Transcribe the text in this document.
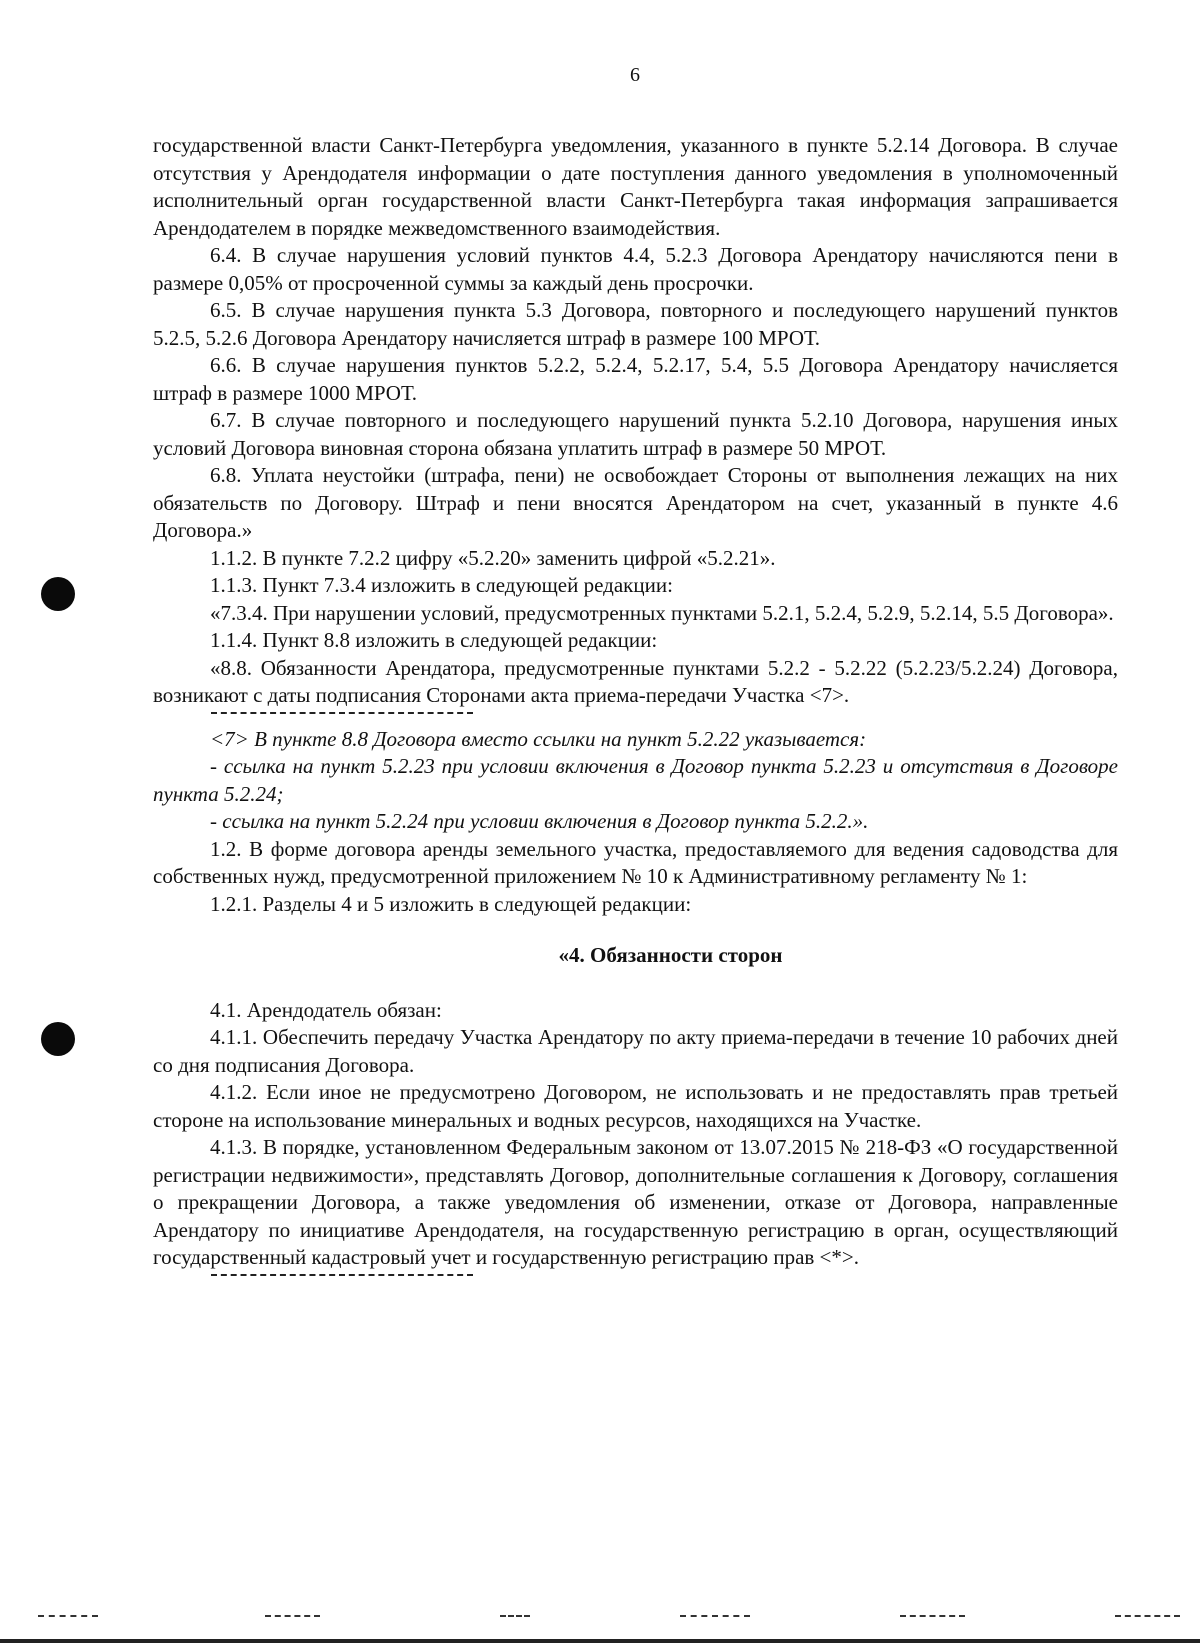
6

государственной власти Санкт-Петербурга уведомления, указанного в пункте 5.2.14 Договора. В случае отсутствия у Арендодателя информации о дате поступления данного уведомления в уполномоченный исполнительный орган государственной власти Санкт-Петербурга такая информация запрашивается Арендодателем в порядке межведомственного взаимодействия.

6.4. В случае нарушения условий пунктов 4.4, 5.2.3 Договора Арендатору начисляются пени в размере 0,05% от просроченной суммы за каждый день просрочки.

6.5. В случае нарушения пункта 5.3 Договора, повторного и последующего нарушений пунктов 5.2.5, 5.2.6 Договора Арендатору начисляется штраф в размере 100 МРОТ.

6.6. В случае нарушения пунктов 5.2.2, 5.2.4, 5.2.17, 5.4, 5.5 Договора Арендатору начисляется штраф в размере 1000 МРОТ.

6.7. В случае повторного и последующего нарушений пункта 5.2.10 Договора, нарушения иных условий Договора виновная сторона обязана уплатить штраф в размере 50 МРОТ.

6.8. Уплата неустойки (штрафа, пени) не освобождает Стороны от выполнения лежащих на них обязательств по Договору. Штраф и пени вносятся Арендатором на счет, указанный в пункте 4.6 Договора.»

1.1.2. В пункте 7.2.2 цифру «5.2.20» заменить цифрой «5.2.21».

1.1.3. Пункт 7.3.4 изложить в следующей редакции:

«7.3.4. При нарушении условий, предусмотренных пунктами 5.2.1, 5.2.4, 5.2.9, 5.2.14, 5.5 Договора».

1.1.4. Пункт 8.8 изложить в следующей редакции:

«8.8. Обязанности Арендатора, предусмотренные пунктами 5.2.2 - 5.2.22 (5.2.23/5.2.24) Договора, возникают с даты подписания Сторонами акта приема-передачи Участка <7>.

<7> В пункте 8.8 Договора вместо ссылки на пункт 5.2.22 указывается:

- ссылка на пункт 5.2.23 при условии включения в Договор пункта 5.2.23 и отсутствия в Договоре пункта 5.2.24;

- ссылка на пункт 5.2.24 при условии включения в Договор пункта 5.2.2.».

1.2. В форме договора аренды земельного участка, предоставляемого для ведения садоводства для собственных нужд, предусмотренной приложением № 10 к Административному регламенту № 1:

1.2.1. Разделы 4 и 5 изложить в следующей редакции:

«4. Обязанности сторон

4.1. Арендодатель обязан:

4.1.1. Обеспечить передачу Участка Арендатору по акту приема-передачи в течение 10 рабочих дней со дня подписания Договора.

4.1.2. Если иное не предусмотрено Договором, не использовать и не предоставлять прав третьей стороне на использование минеральных и водных ресурсов, находящихся на Участке.

4.1.3. В порядке, установленном Федеральным законом от 13.07.2015 № 218-ФЗ «О государственной регистрации недвижимости», представлять Договор, дополнительные соглашения к Договору, соглашения о прекращении Договора, а также уведомления об изменении, отказе от Договора, направленные Арендатору по инициативе Арендодателя, на государственную регистрацию в орган, осуществляющий государственный кадастровый учет и государственную регистрацию прав <*>.
